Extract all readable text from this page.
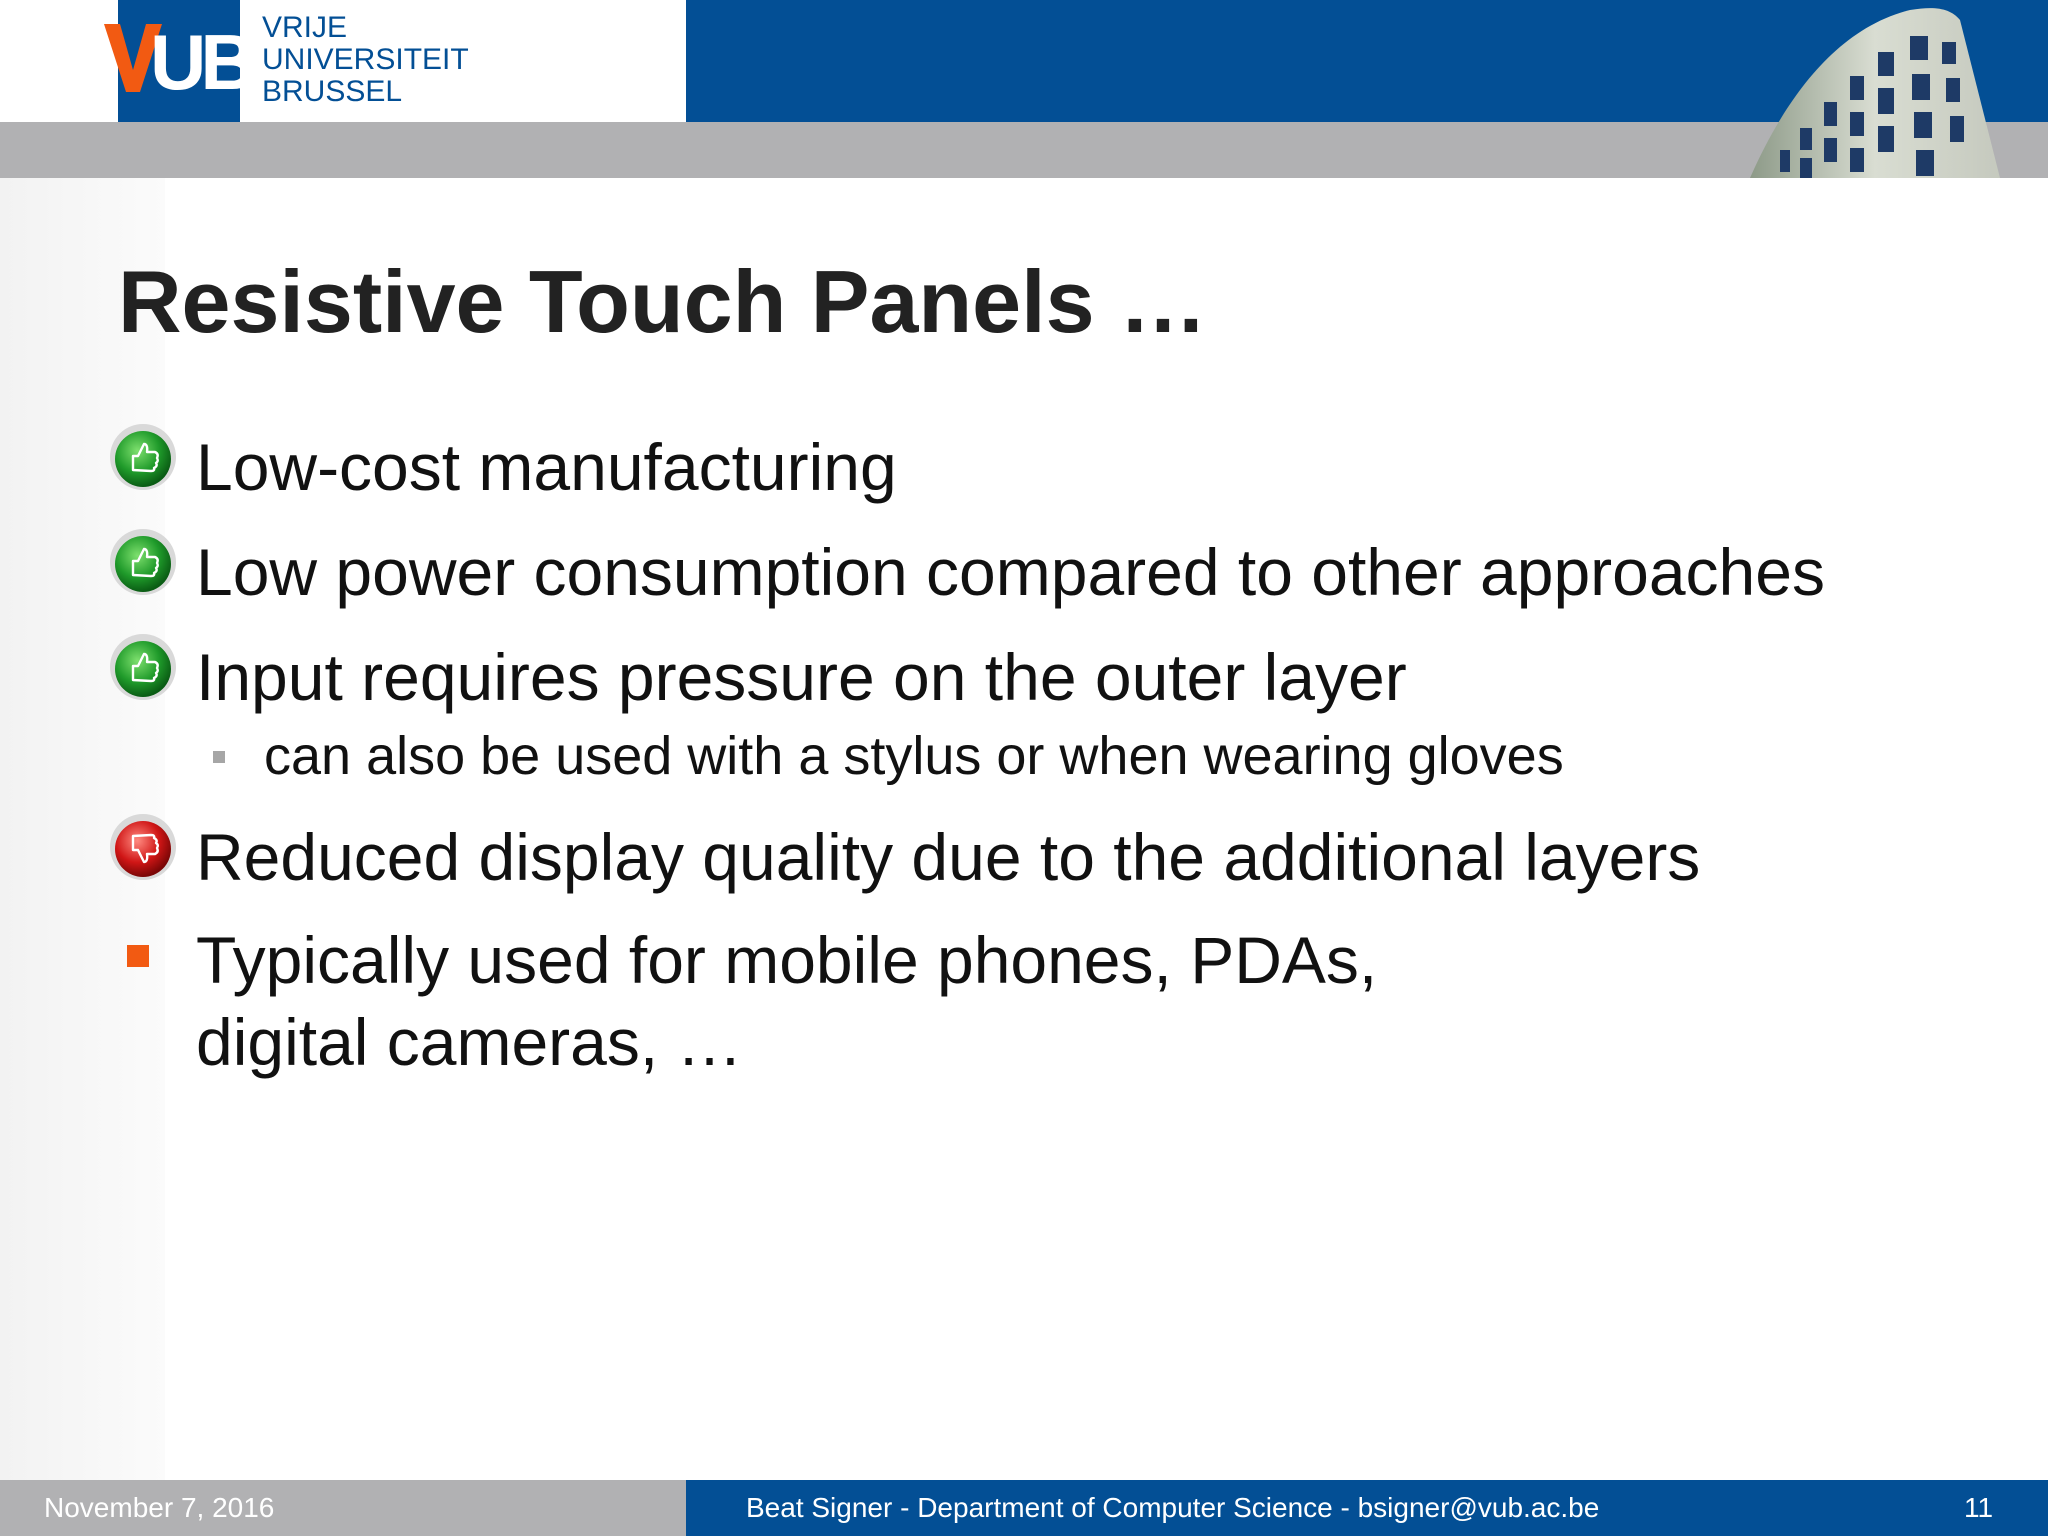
UB VRIJE
UNIVERSITEIT
BRUSSEL
Resistive Touch Panels …
Low-cost manufacturing
Low power consumption compared to other approaches
Input requires pressure on the outer layer
can also be used with a stylus or when wearing gloves
Reduced display quality due to the additional layers
Typically used for mobile phones, PDAs,
digital cameras, …
November 7, 2016	Beat Signer - Department of Computer Science - bsigner@vub.ac.be	11
